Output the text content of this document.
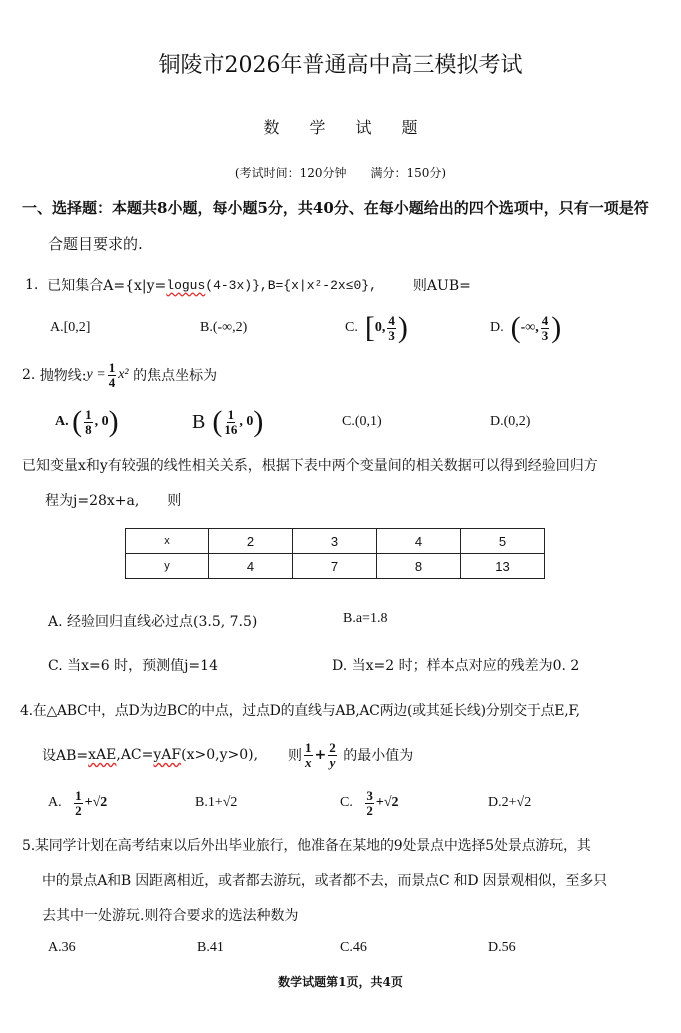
铜陵市2026年普通高中高三模拟考试
数学试题
(考试时间：120分钟　　满分：150分)
一、选择题：本题共8小题，每小题5分，共40分、在每小题给出的四个选项中，只有一项是符
合题目要求的.
1.
已知集合A={x|y= logus (4-3x)},B={x|x²-2x≤0},	则AUB=
A.[0,2]	B.(-∞,2)	C.
[ 0, $\frac{4}{3}$ )	D.
( -∞, $\frac{4}{3}$ )
2.
抛物线: $y = \frac{1}{4} x^2$
的焦点坐标为
A.
( $\frac{1}{8}$ , 0 )	B
( $\frac{1}{16}$ , 0 )	C.(0,1)	D.(0,2)
已知变量x和y有较强的线性相关关系，根据下表中两个变量间的相关数据可以得到经验回归方
程为j=28x+a,　　则
x	2	3	4	5
y	4	7	8	13
A. 经验回归直线必过点(3.5, 7.5)	B.a=1.8
C. 当x=6 时，预测值j=14	D. 当x=2 时；样本点对应的残差为0. 2
4.在△ABC中，点D为边BC的中点，过点D的直线与AB,AC两边(或其延长线)分别交于点E,F,
设AB= xAE ,AC= yAF (x>0,y>0), 则 $\frac{1}{x} + \frac{2}{y}$
的最小值为
A.
$\frac{1}{2} +√2$	B.1+√2	C.
$\frac{3}{2} +√2$	D.2+√2
5.某同学计划在高考结束以后外出毕业旅行，他准备在某地的9处景点中选择5处景点游玩，其
中的景点A和B 因距离相近，或者都去游玩，或者都不去，而景点C 和D 因景观相似，至多只
去其中一处游玩.则符合要求的选法种数为
A.36	B.41	C.46	D.56
数学试题第1页，共4页
